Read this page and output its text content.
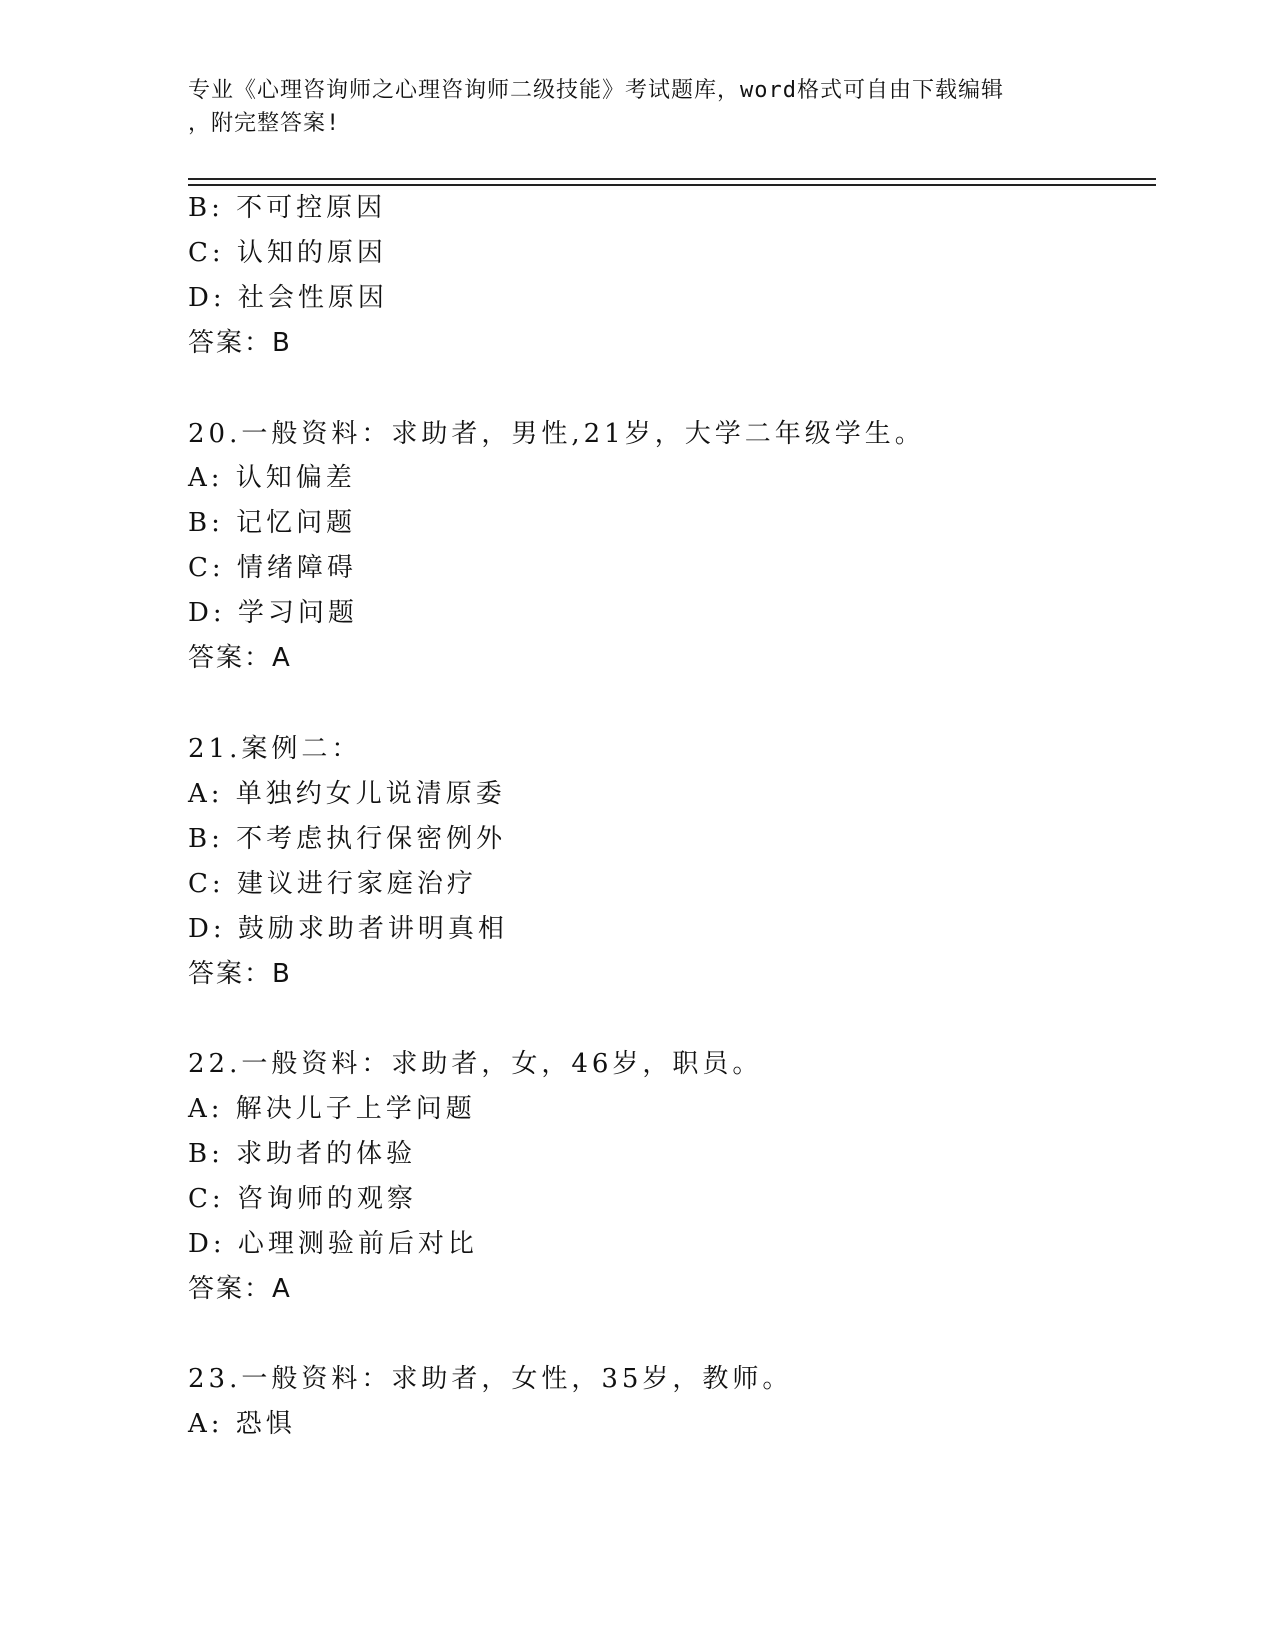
专业《心理咨询师之心理咨询师二级技能》考试题库，word格式可自由下载编辑
，附完整答案!
B: 不可控原因
C: 认知的原因
D: 社会性原因
答案：B
20.一般资料：求助者，男性,21岁，大学二年级学生。
A: 认知偏差
B: 记忆问题
C: 情绪障碍
D: 学习问题
答案：A
21.案例二：
A: 单独约女儿说清原委
B: 不考虑执行保密例外
C: 建议进行家庭治疗
D: 鼓励求助者讲明真相
答案：B
22.一般资料：求助者，女，46岁，职员。
A: 解决儿子上学问题
B: 求助者的体验
C: 咨询师的观察
D: 心理测验前后对比
答案：A
23.一般资料：求助者，女性，35岁，教师。
A: 恐惧
